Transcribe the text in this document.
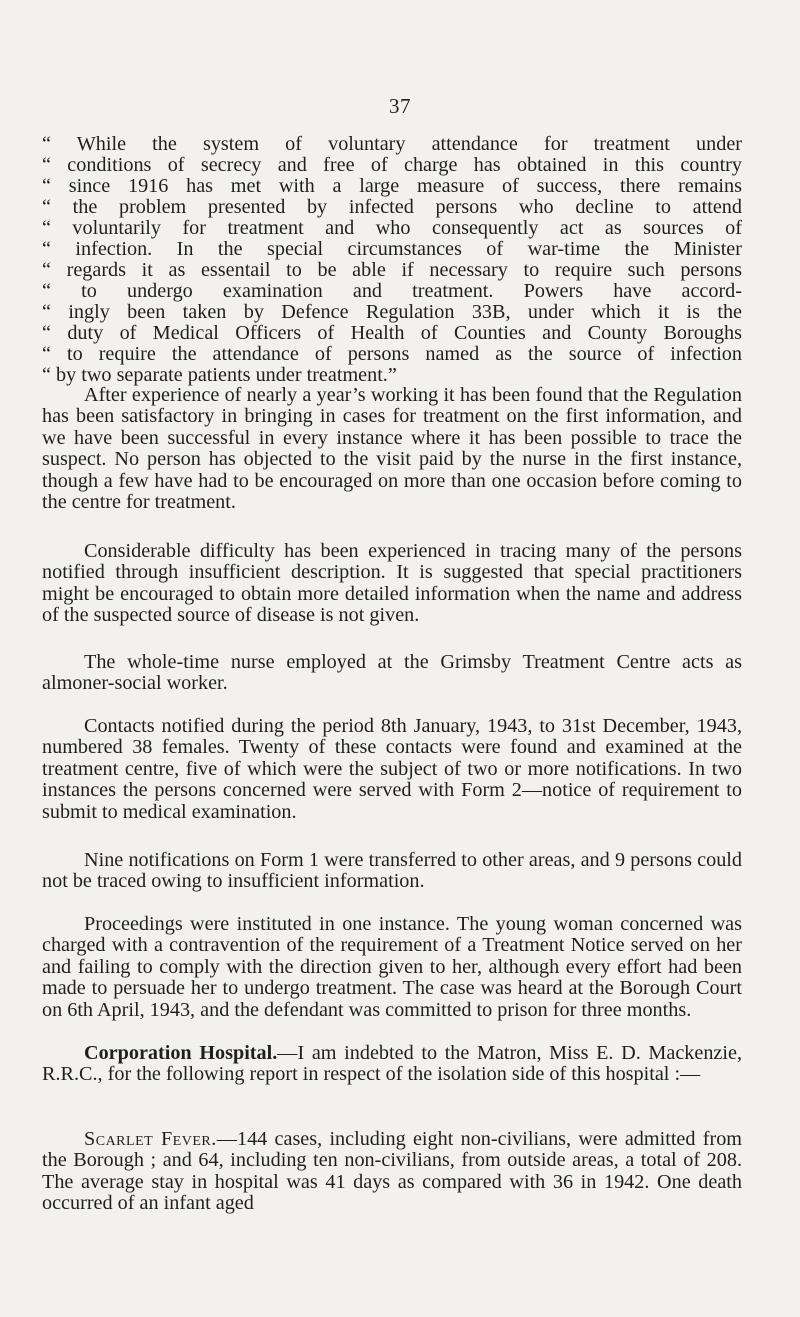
37
“ While the system of voluntary attendance for treatment under
“ conditions of secrecy and free of charge has obtained in this country
“ since 1916 has met with a large measure of success, there remains
“ the problem presented by infected persons who decline to attend
“ voluntarily for treatment and who consequently act as sources of
“ infection. In the special circumstances of war-time the Minister
“ regards it as essentail to be able if necessary to require such persons
“ to undergo examination and treatment. Powers have accord-
“ ingly been taken by Defence Regulation 33B, under which it is the
“ duty of Medical Officers of Health of Counties and County Boroughs
“ to require the attendance of persons named as the source of infection
“ by two separate patients under treatment.”

After experience of nearly a year’s working it has been found that the Regulation has been satisfactory in bringing in cases for treatment on the first information, and we have been successful in every instance where it has been possible to trace the suspect. No person has objected to the visit paid by the nurse in the first instance, though a few have had to be encouraged on more than one occasion before coming to the centre for treatment.

Considerable difficulty has been experienced in tracing many of the persons notified through insufficient description. It is suggested that special practitioners might be encouraged to obtain more detailed information when the name and address of the suspected source of disease is not given.

The whole-time nurse employed at the Grimsby Treatment Centre acts as almoner-social worker.

Contacts notified during the period 8th January, 1943, to 31st December, 1943, numbered 38 females. Twenty of these contacts were found and examined at the treatment centre, five of which were the subject of two or more notifications. In two instances the persons concerned were served with Form 2—notice of requirement to submit to medical examination.

Nine notifications on Form 1 were transferred to other areas, and 9 persons could not be traced owing to insufficient information.

Proceedings were instituted in one instance. The young woman concerned was charged with a contravention of the requirement of a Treatment Notice served on her and failing to comply with the direction given to her, although every effort had been made to persuade her to undergo treatment. The case was heard at the Borough Court on 6th April, 1943, and the defendant was committed to prison for three months.

Corporation Hospital.—I am indebted to the Matron, Miss E. D. Mackenzie, R.R.C., for the following report in respect of the isolation side of this hospital :—

Scarlet Fever.—144 cases, including eight non-civilians, were admitted from the Borough ; and 64, including ten non-civilians, from outside areas, a total of 208. The average stay in hospital was 41 days as compared with 36 in 1942. One death occurred of an infant aged
